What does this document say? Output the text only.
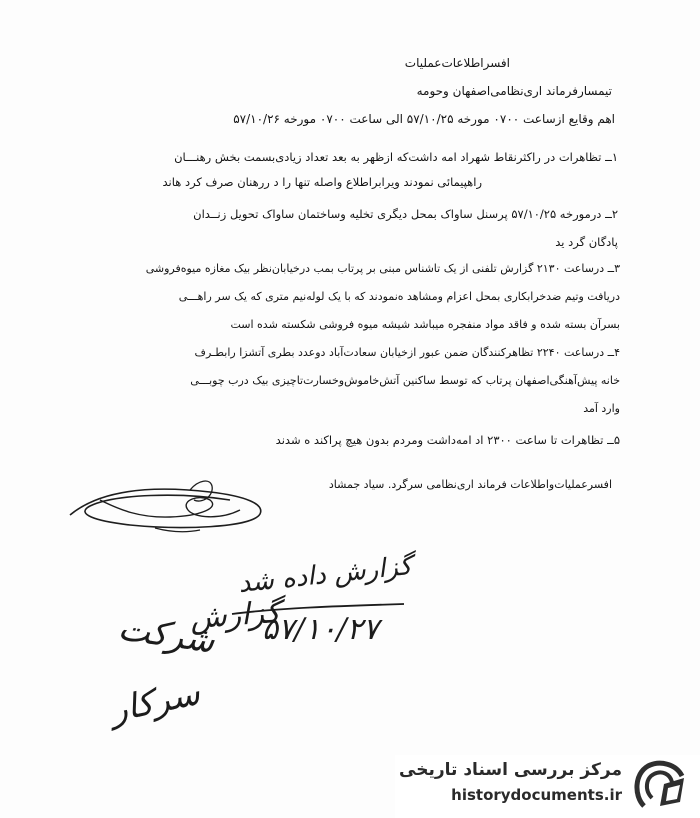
افسراطلاعات‌عملیات
تیمسارفرماند اری‌نظامی‌اصفهان وحومه
اهم وقایع ازساعت ۰۷۰۰ مورخه ۵۷/۱۰/۲۵ الی ساعت ۰۷۰۰ مورخه ۵۷/۱۰/۲۶
۱ــ تظاهرات در راکثرنقاط شهراد امه داشت‌که ازظهر به بعد تعداد زیادی‌بسمت بخش رهنـــان
راهپیمائی نمودند ویرابراطلاع واصله تنها را د ررهنان صرف کرد هاند
۲ــ درمورخه ۵۷/۱۰/۲۵ پرسنل ساواک بمحل دیگری تخلیه وساختمان ساواک تحویل زنــدان
پادگان گرد ید
۳ــ درساعت ۲۱۳۰ گزارش تلفنی از یک تاشناس مبنی بر پرتاب بمب درخیابان‌نظر بیک مغازه میوه‌فروشی
دریافت وتیم ضدخرابکاری بمحل اعزام ومشاهد ه‌نمودند که با یک لوله‌نیم متری که یک سر راهـــی
بسرآن بسته شده و فاقد مواد منفجره میباشد شیشه میوه فروشی شکسته شده است
۴ــ درساعت ۲۲۴۰ تظاهرکنندگان ضمن عبور ازخیابان سعادت‌آباد دوعدد بطری آتشزا رابطـرف
خانه پیش‌آهنگی‌اصفهان پرتاب که توسط ساکنین آتش‌خاموش‌وخسارت‌تاچیزی بیک درب چوبـــی
وارد آمد
۵ــ تظاهرات تا ساعت ۲۳۰۰ اد امه‌داشت ومردم بدون هیچ پراکند ه شدند
افسرعملیات‌واطلاعات فرماند اری‌نظامی سرگرد. سیاد جمشاد
گزارش داده شد
۵۷/۱۰/۲۷
گزارش
شرکت
سرکار
مرکز بررسی اسناد تاریخی
historydocuments.ir
